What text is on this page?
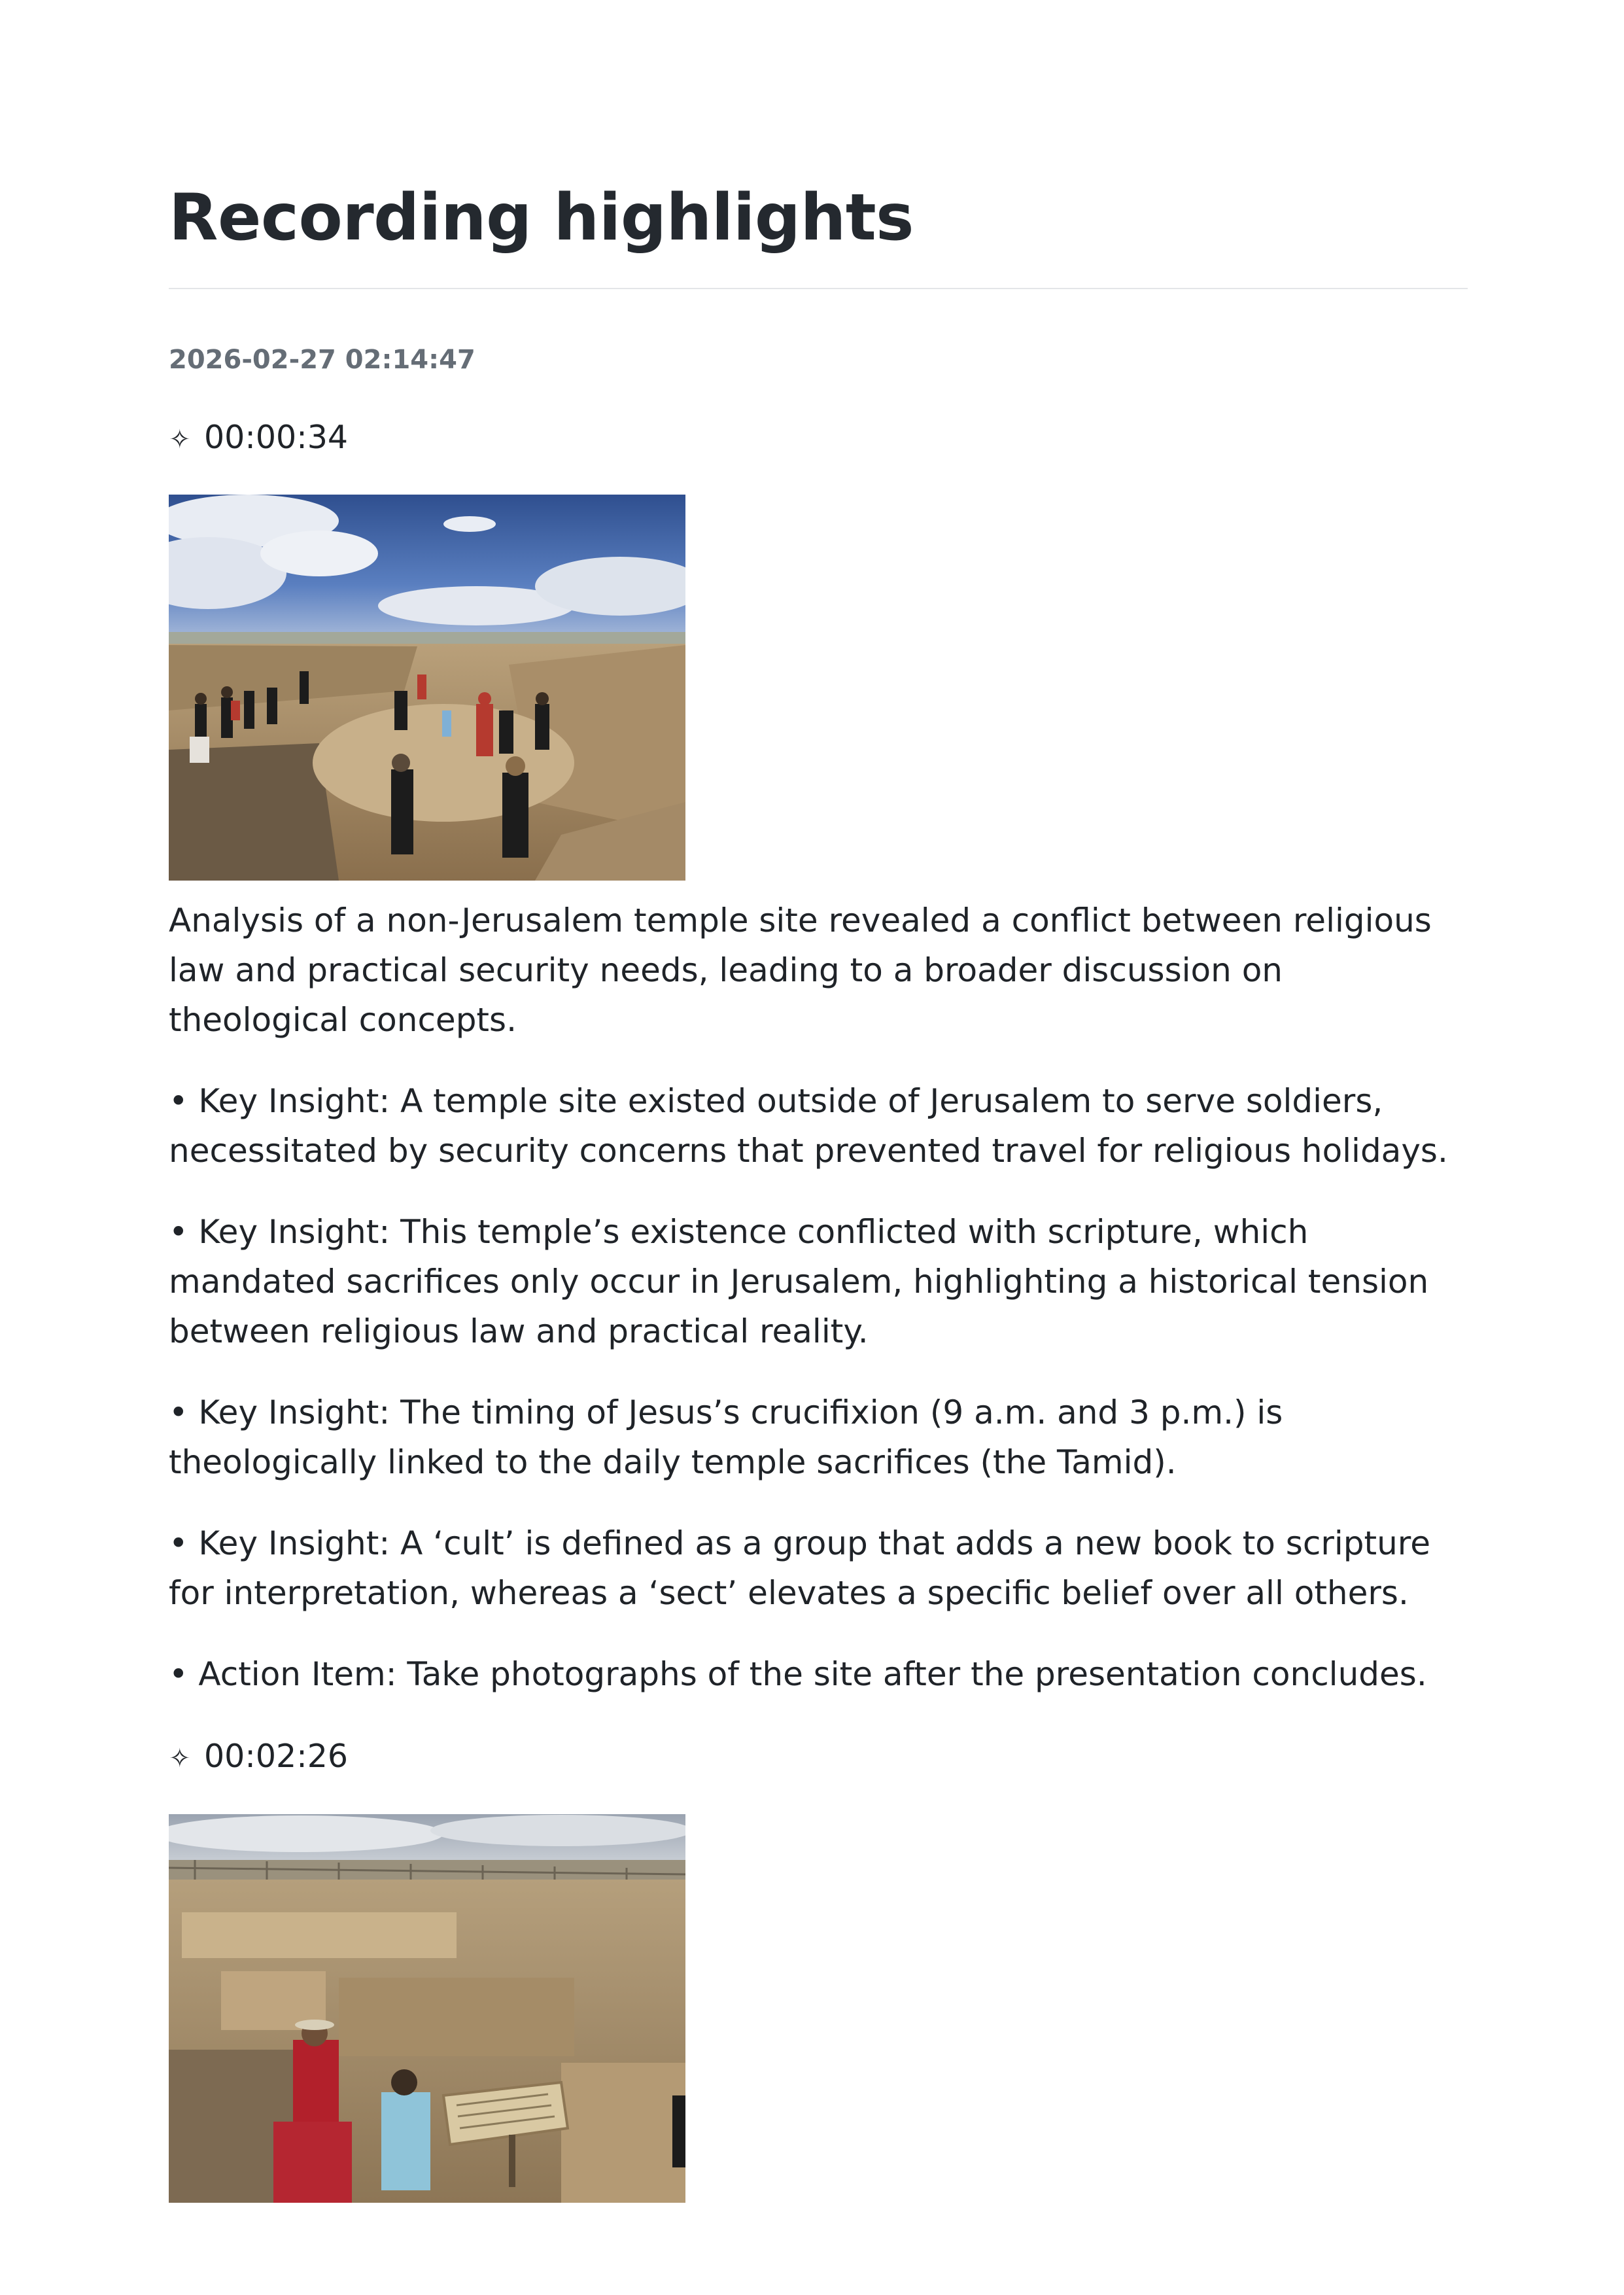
Recording highlights
2026-02-27 02:14:47
✧ 00:00:34

Analysis of a non-Jerusalem temple site revealed a conflict between religious law and practical security needs, leading to a broader discussion on theological concepts.

• Key Insight: A temple site existed outside of Jerusalem to serve soldiers, necessitated by security concerns that prevented travel for religious holidays.

• Key Insight: This temple’s existence conflicted with scripture, which mandated sacrifices only occur in Jerusalem, highlighting a historical tension between religious law and practical reality.

• Key Insight: The timing of Jesus’s crucifixion (9 a.m. and 3 p.m.) is theologically linked to the daily temple sacrifices (the Tamid).

• Key Insight: A ‘cult’ is defined as a group that adds a new book to scripture for interpretation, whereas a ‘sect’ elevates a specific belief over all others.

• Action Item: Take photographs of the site after the presentation concludes.

✧ 00:02:26
